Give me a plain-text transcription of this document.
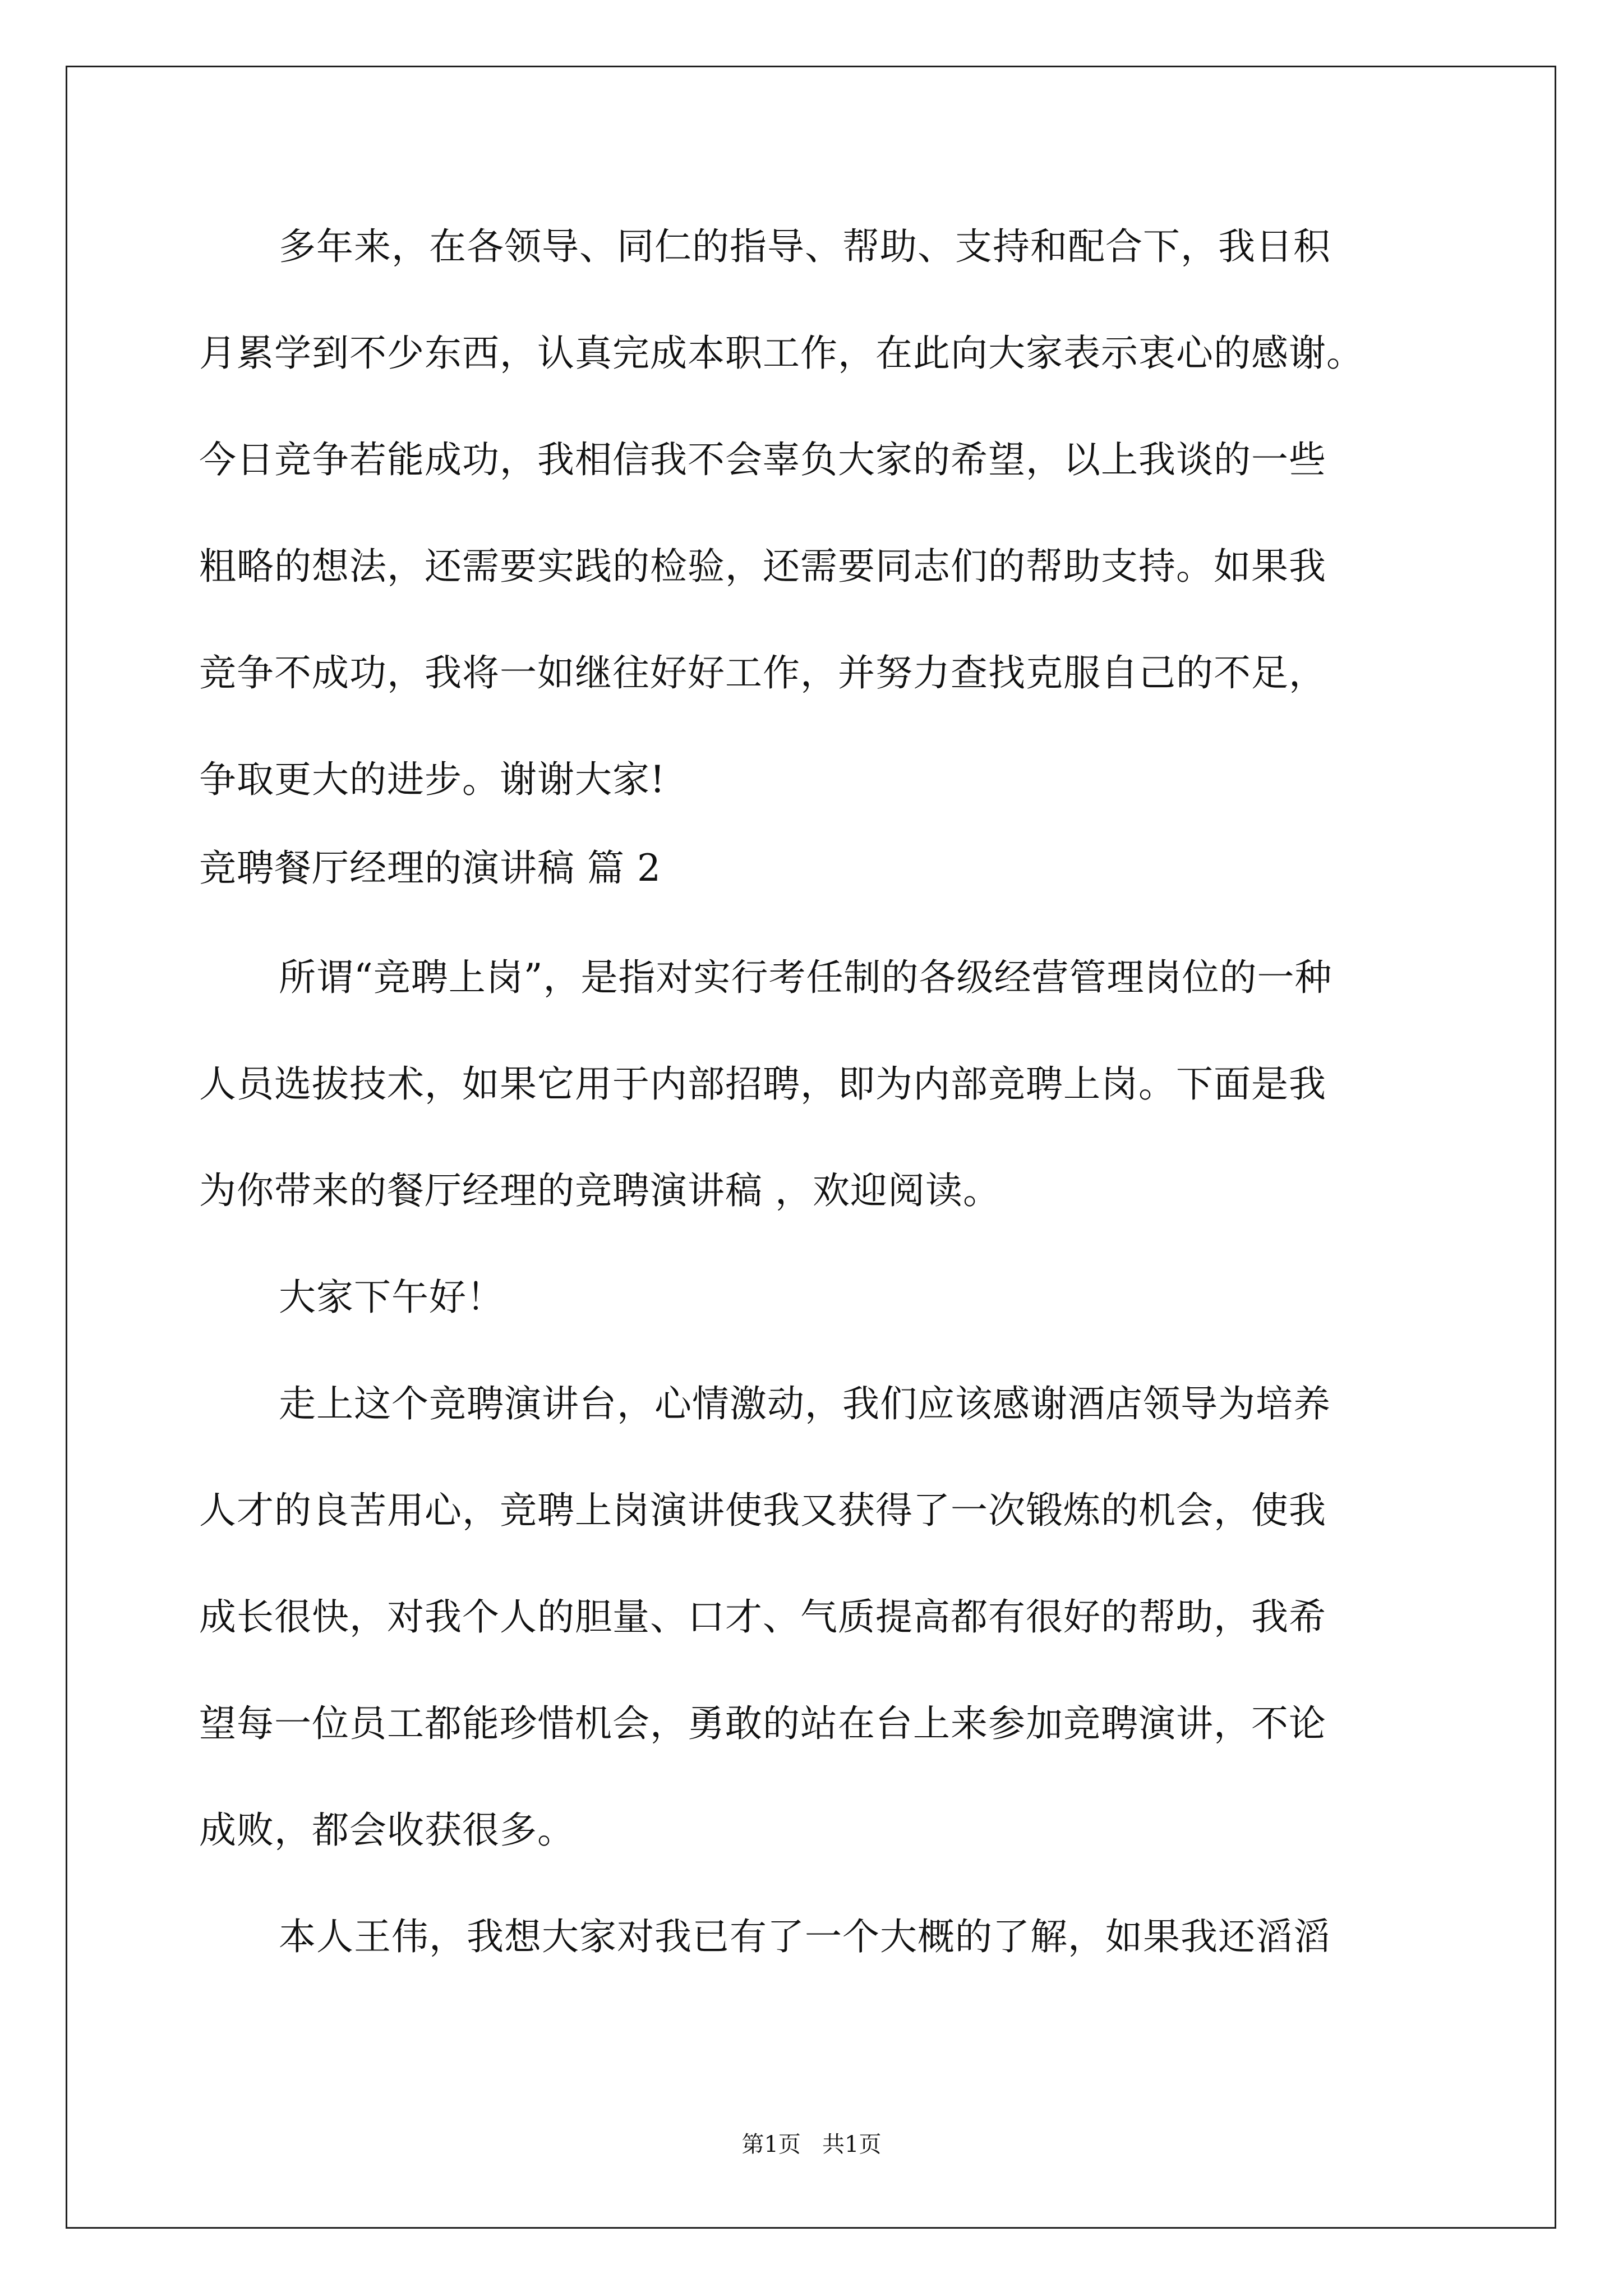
多年来，在各领导、同仁的指导、帮助、支持和配合下，我日积
月累学到不少东西，认真完成本职工作，在此向大家表示衷心的感谢。
今日竞争若能成功，我相信我不会辜负大家的希望，以上我谈的一些
粗略的想法，还需要实践的检验，还需要同志们的帮助支持。如果我
竞争不成功，我将一如继往好好工作，并努力查找克服自己的不足，
争取更大的进步。谢谢大家!
竞聘餐厅经理的演讲稿 篇 2
所谓“竞聘上岗”，是指对实行考任制的各级经营管理岗位的一种
人员选拔技术，如果它用于内部招聘，即为内部竞聘上岗。下面是我
为你带来的餐厅经理的竞聘演讲稿 ，欢迎阅读。
大家下午好！
走上这个竞聘演讲台，心情激动，我们应该感谢酒店领导为培养
人才的良苦用心，竞聘上岗演讲使我又获得了一次锻炼的机会，使我
成长很快，对我个人的胆量、口才、气质提高都有很好的帮助，我希
望每一位员工都能珍惜机会，勇敢的站在台上来参加竞聘演讲，不论
成败，都会收获很多。
本人王伟，我想大家对我已有了一个大概的了解，如果我还滔滔
第1页   共1页
